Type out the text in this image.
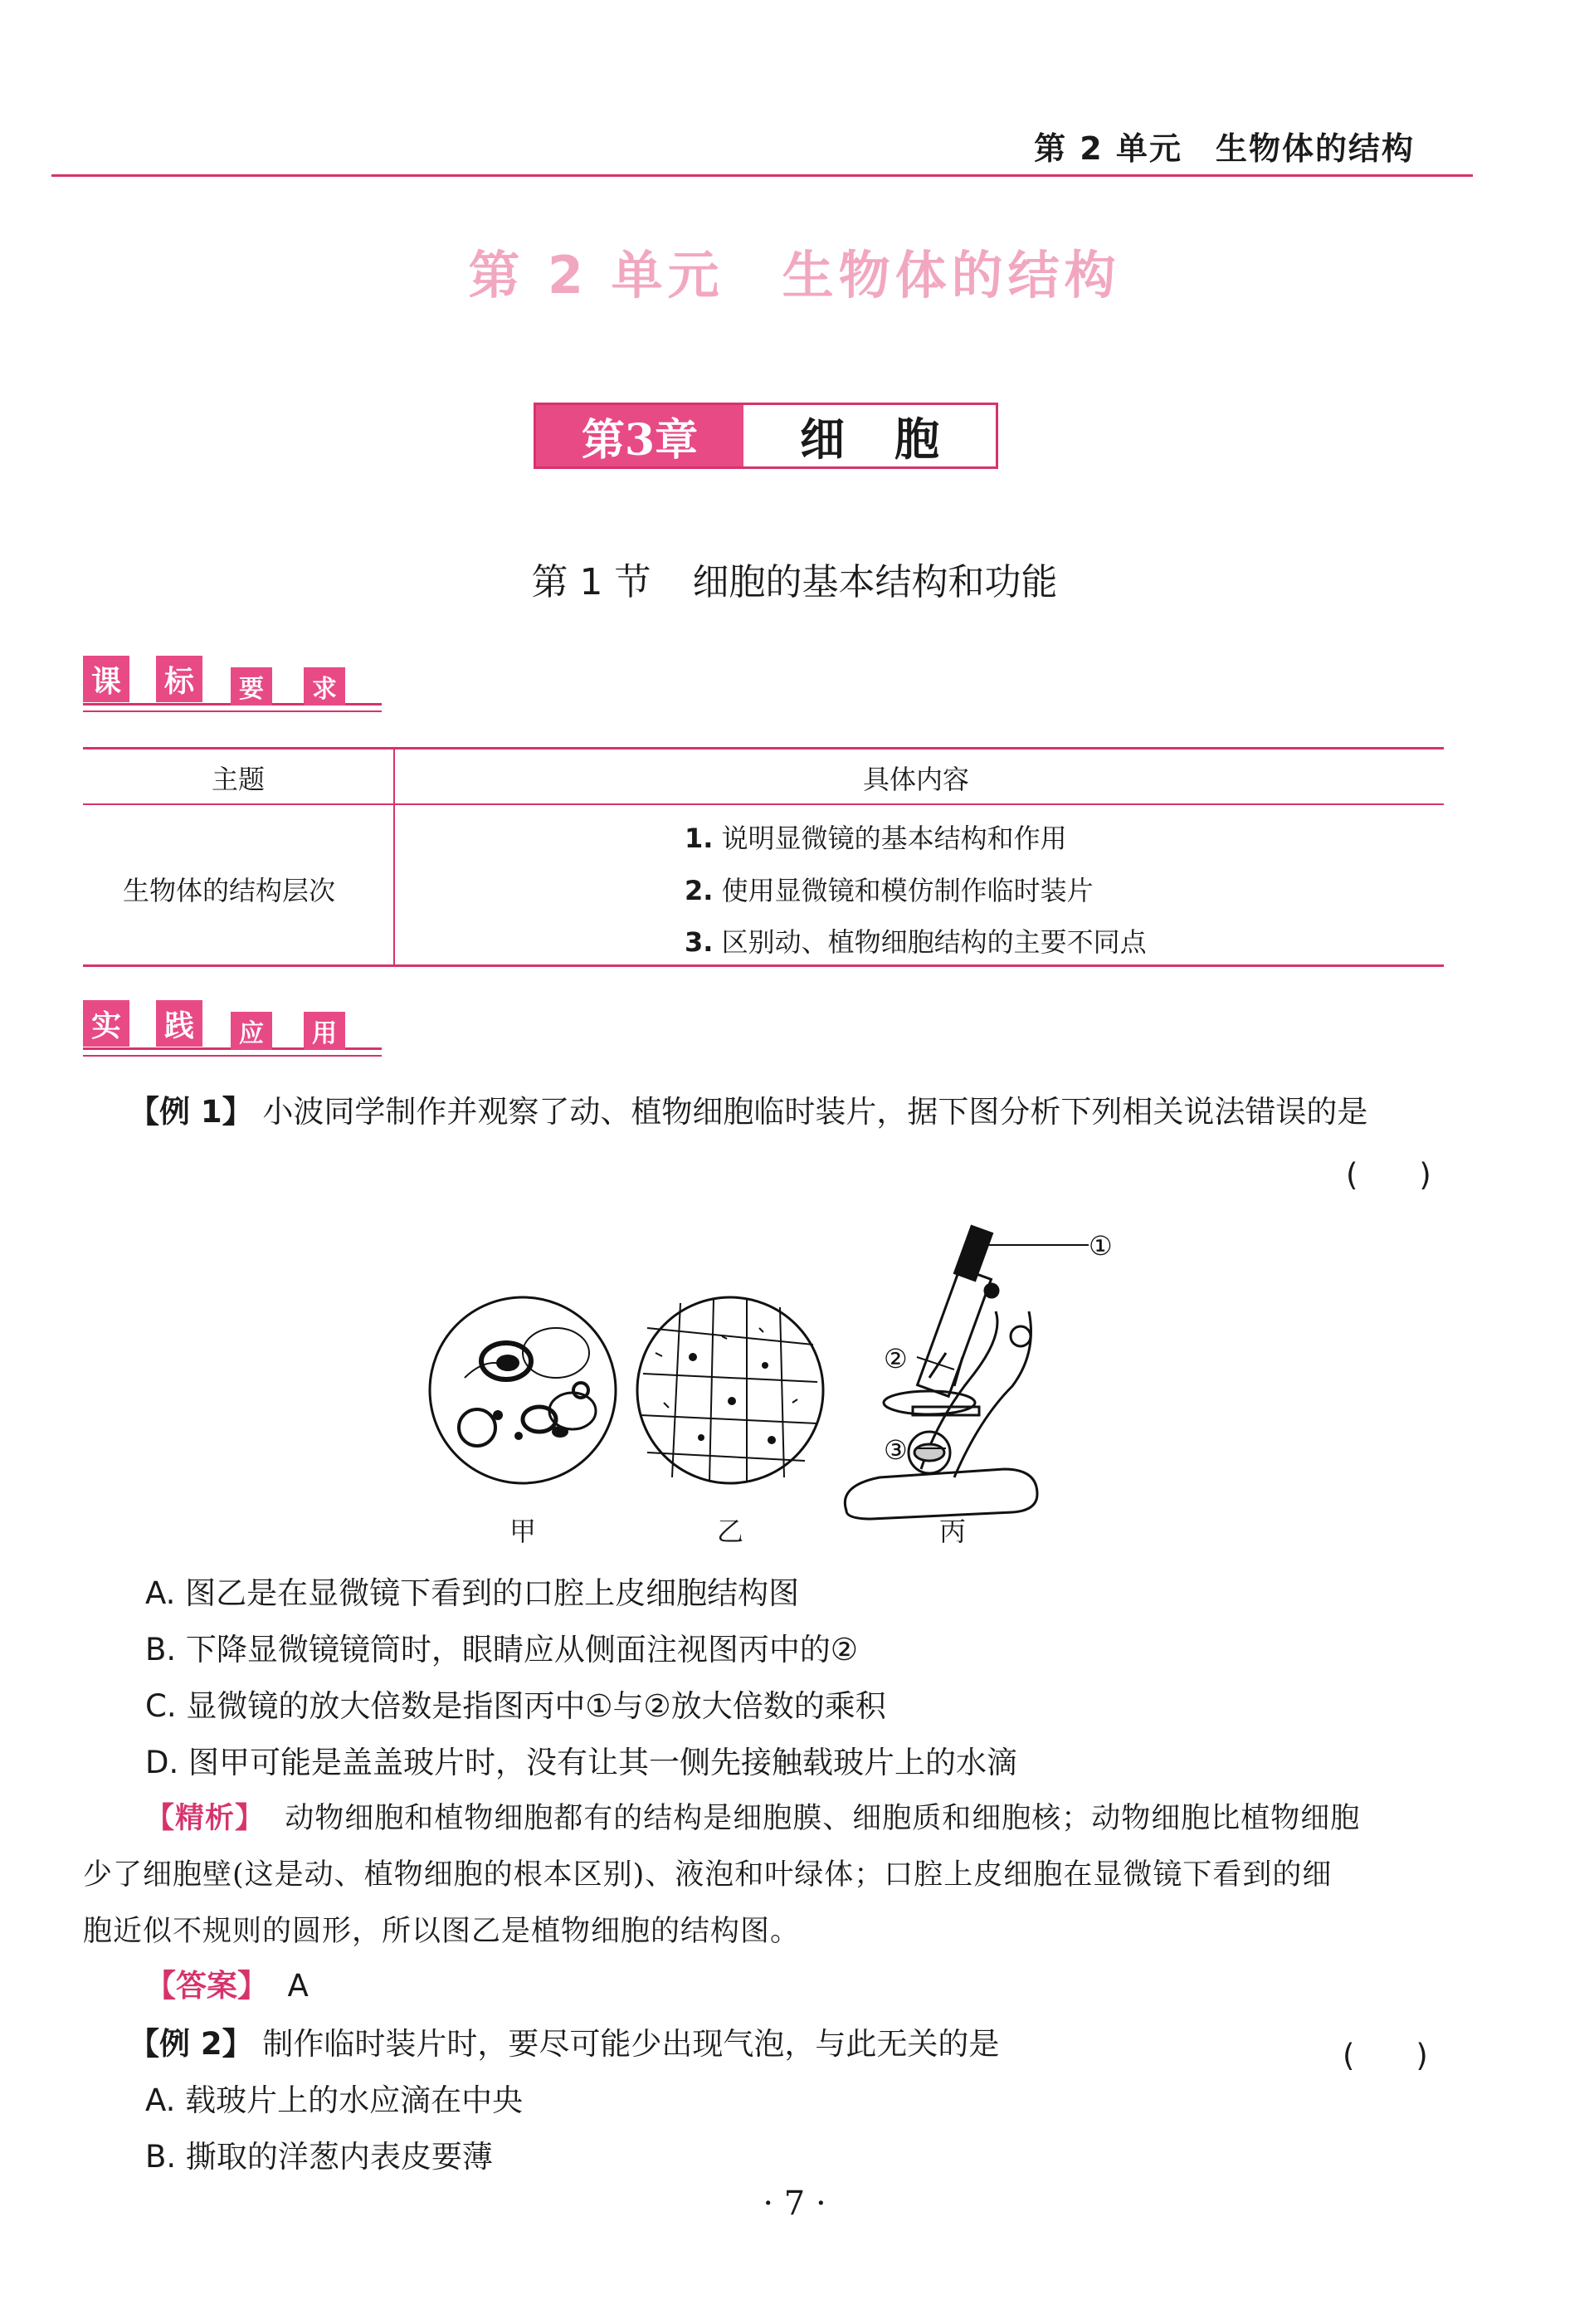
第 2 单元 生物体的结构
第 2 单元 生物体的结构
第3章	细胞
第 1 节 细胞的基本结构和功能
课 标	要	求
主题	具体内容
生物体的结构层次
1. 说明显微镜的基本结构和作用
2. 使用显微镜和模仿制作临时装片
3. 区别动、植物细胞结构的主要不同点
实 践	应	用
【例 1】 小波同学制作并观察了动、植物细胞临时装片，据下图分析下列相关说法错误的是
(　　)
①
②
③
甲	乙	丙
A. 图乙是在显微镜下看到的口腔上皮细胞结构图
B. 下降显微镜镜筒时，眼睛应从侧面注视图丙中的②
C. 显微镜的放大倍数是指图丙中①与②放大倍数的乘积
D. 图甲可能是盖盖玻片时，没有让其一侧先接触载玻片上的水滴
【精析】 动物细胞和植物细胞都有的结构是细胞膜、细胞质和细胞核；动物细胞比植物细胞
少了细胞壁(这是动、植物细胞的根本区别)、液泡和叶绿体；口腔上皮细胞在显微镜下看到的细
胞近似不规则的圆形，所以图乙是植物细胞的结构图。
【答案】 A
【例 2】 制作临时装片时，要尽可能少出现气泡，与此无关的是	(　　)
A. 载玻片上的水应滴在中央
B. 撕取的洋葱内表皮要薄
· 7 ·
